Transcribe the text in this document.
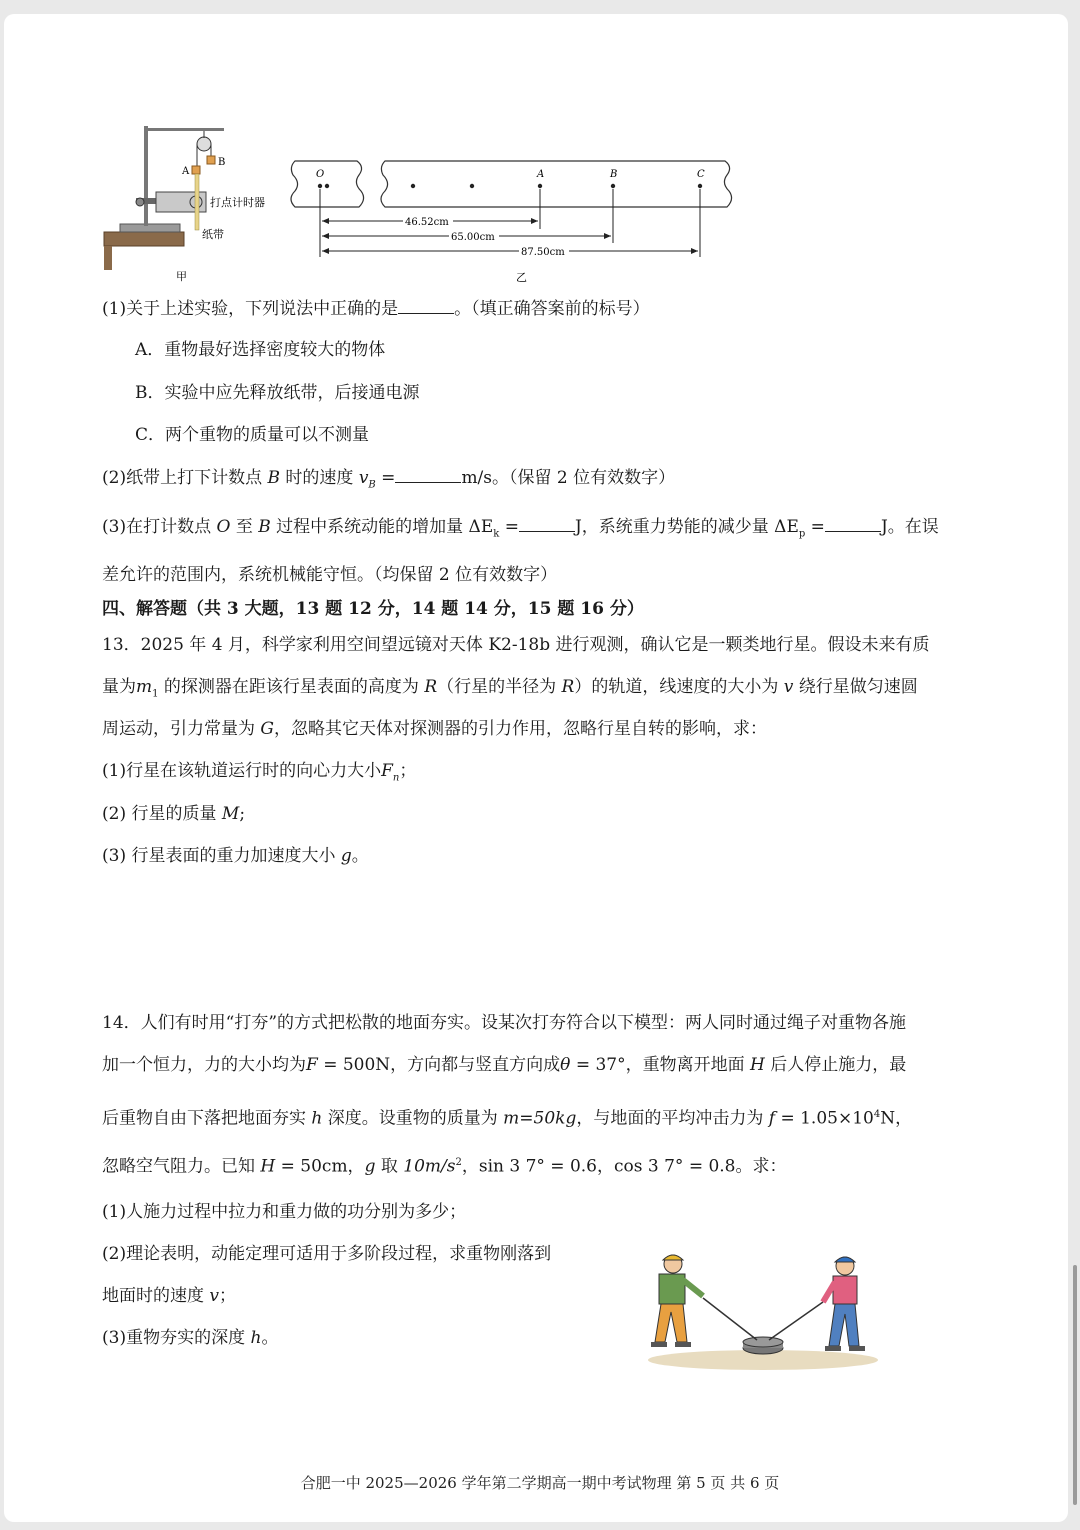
A
B
打点计时器
纸带
甲
O	A	B	C
46.52cm
65.00cm
87.50cm
乙
(1)关于上述实验，下列说法中正确的是	。（填正确答案前的标号）
A．重物最好选择密度较大的物体
B．实验中应先释放纸带，后接通电源
C．两个重物的质量可以不测量
(2)纸带上打下计数点 B 时的速度 $v_B$ =	m/s。（保留 2 位有效数字）
(3)在打计数点 O 至 B 过程中系统动能的增加量 $\Delta E_k$ =	J，系统重力势能的减少量 $\Delta E_p$ =	J。在误
差允许的范围内，系统机械能守恒。（均保留 2 位有效数字）
四、解答题（共 3 大题，13 题 12 分，14 题 14 分，15 题 16 分）
13．2025 年 4 月，科学家利用空间望远镜对天体 K2-18b 进行观测，确认它是一颗类地行星。假设未来有质
量为$m_1$ 的探测器在距该行星表面的高度为 R（行星的半径为 R）的轨道，线速度的大小为 v 绕行星做匀速圆
周运动，引力常量为 G，忽略其它天体对探测器的引力作用，忽略行星自转的影响，求：
(1)行星在该轨道运行时的向心力大小$F_n$；
(2) 行星的质量 M;
(3) 行星表面的重力加速度大小 g。
14．人们有时用“打夯”的方式把松散的地面夯实。设某次打夯符合以下模型：两人同时通过绳子对重物各施
加一个恒力，力的大小均为F = 500N，方向都与竖直方向成θ = 37°，重物离开地面 H 后人停止施力，最
后重物自由下落把地面夯实 h 深度。设重物的质量为 m=50kg，与地面的平均冲击力为 $f = 1.05\times 10^4N$，
忽略空气阻力。已知 H = 50cm，g 取 $10m/s^2$，sin 3 7° = 0.6，cos 3 7° = 0.8。求：
(1)人施力过程中拉力和重力做的功分别为多少；
(2)理论表明，动能定理可适用于多阶段过程，求重物刚落到
地面时的速度 v；
(3)重物夯实的深度 h。
合肥一中 2025—2026 学年第二学期高一期中考试物理 第 5 页 共 6 页
